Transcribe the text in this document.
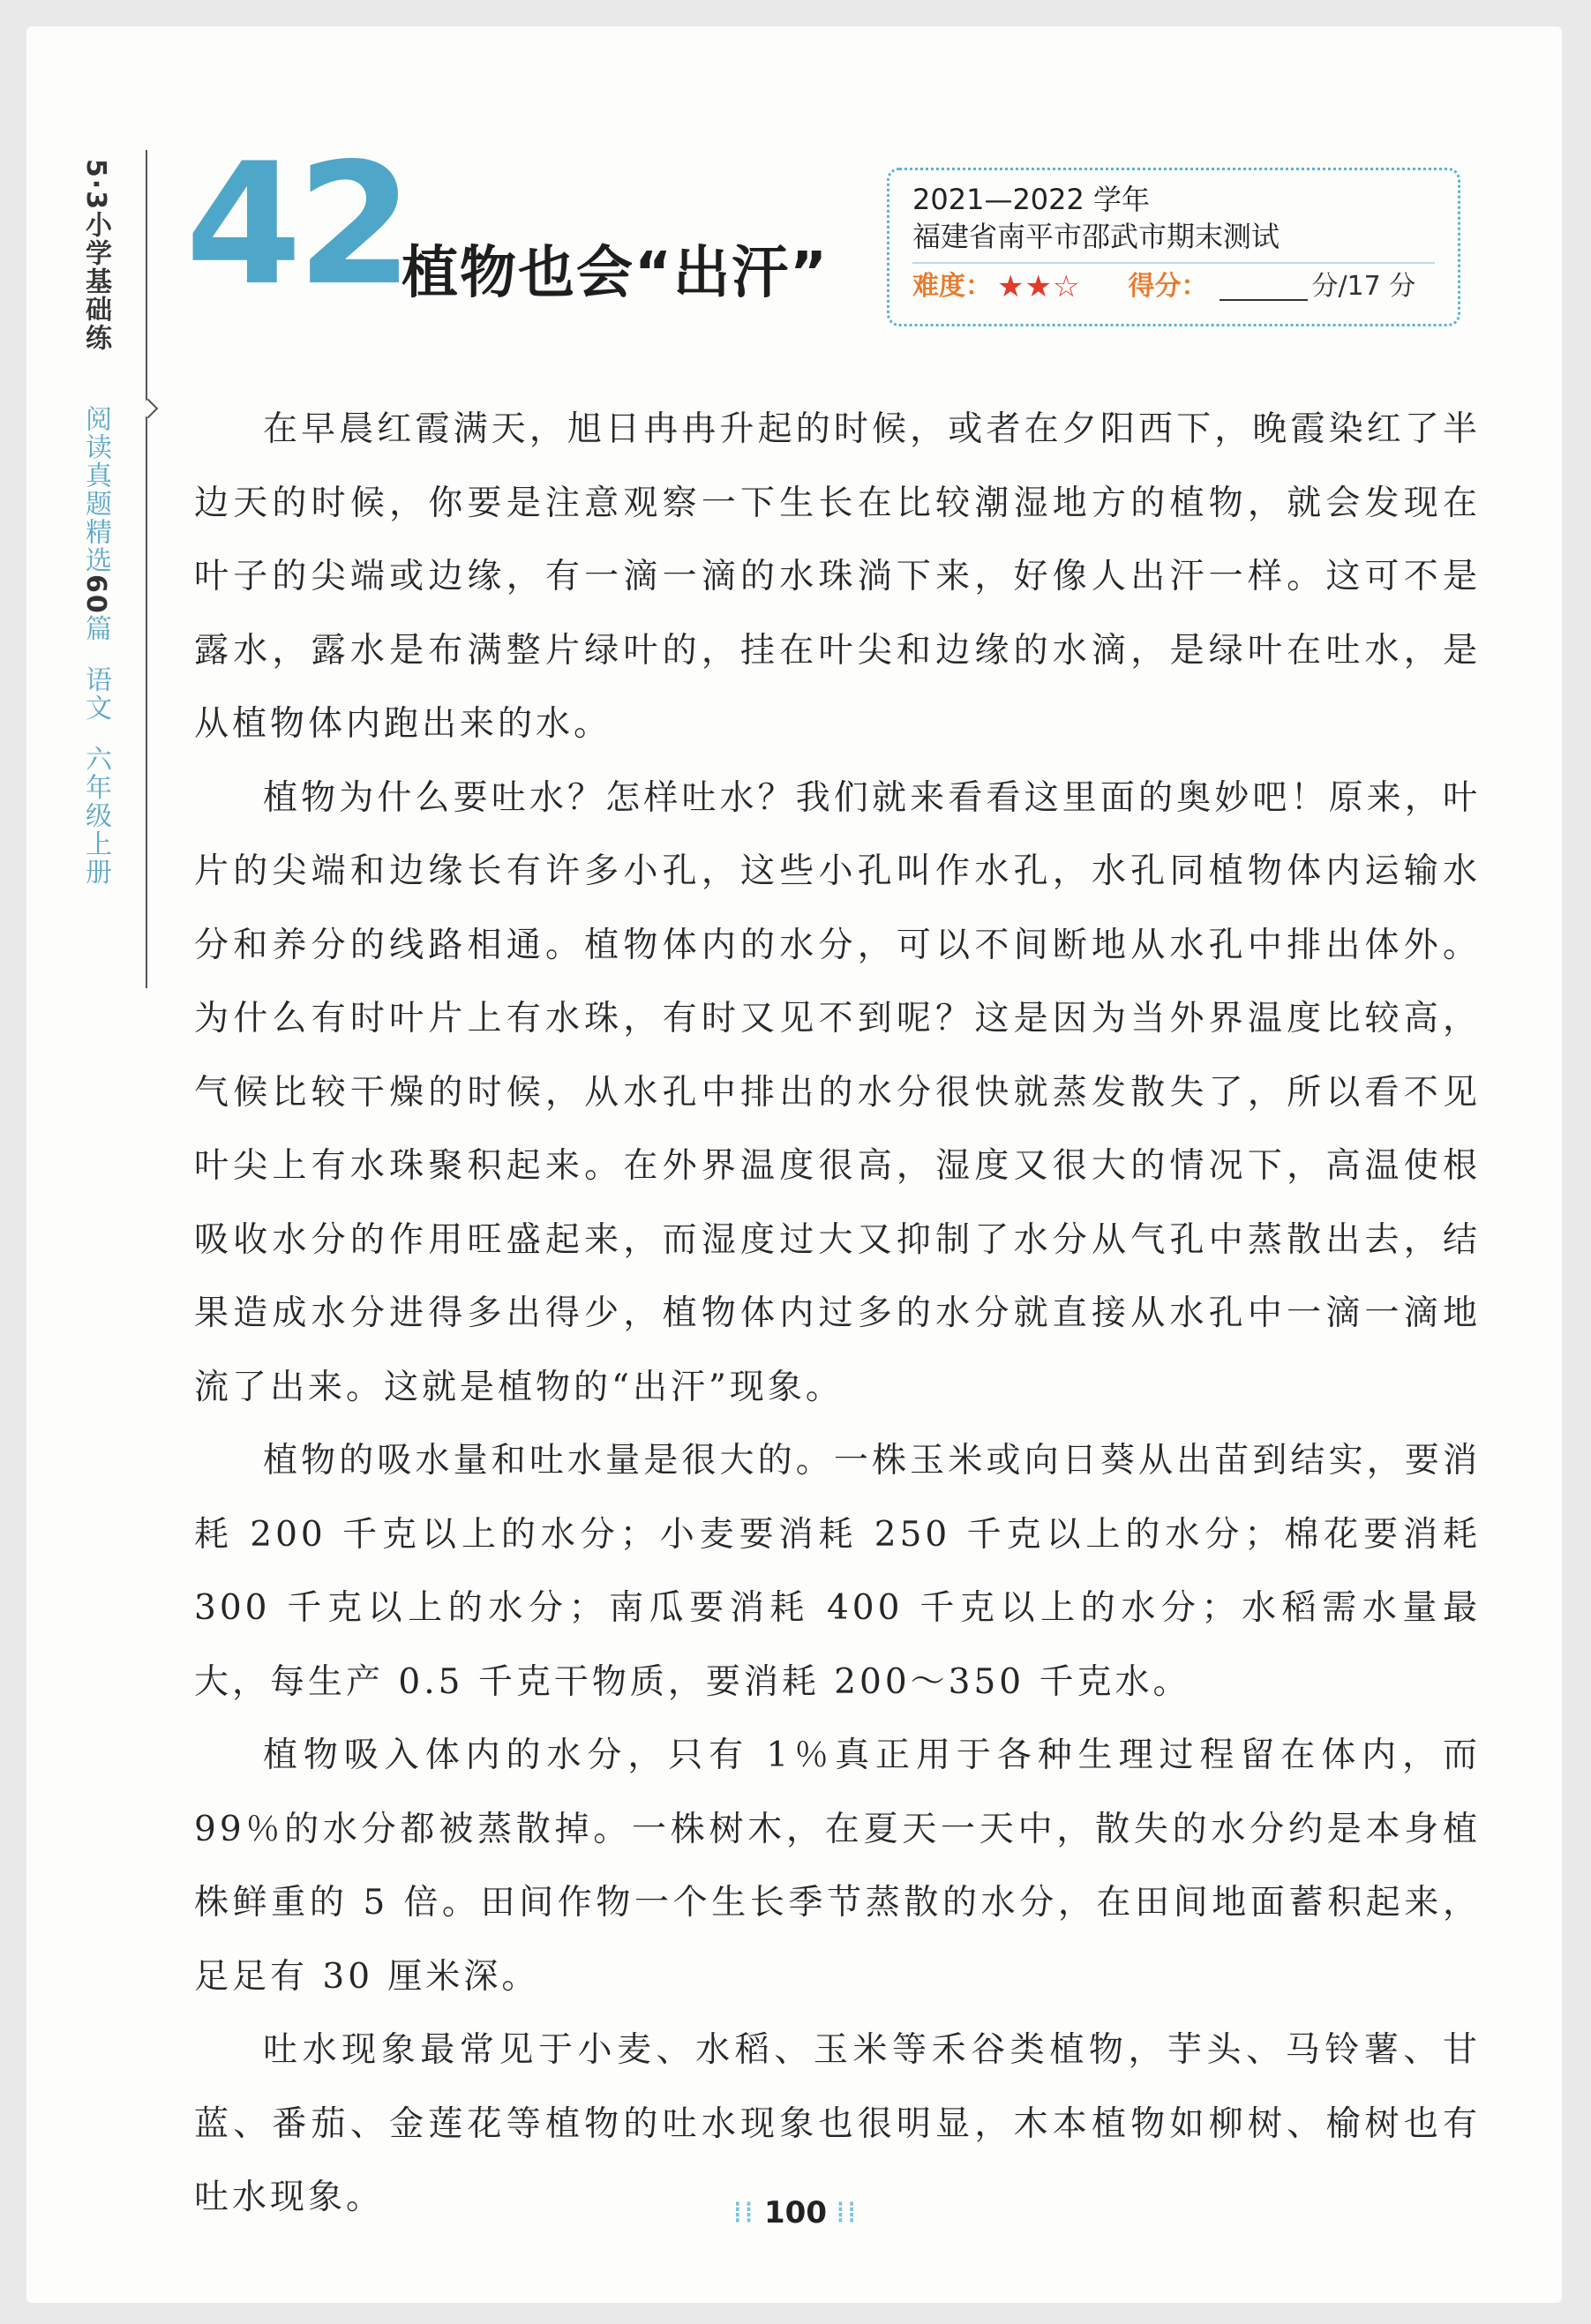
5·3小学基础练
阅读真题精选60篇语文六年级上册
42
植物也会“出汗”
2021—2022 学年
福建省南平市邵武市期末测试
难度： ★★☆ 得分：	分/17 分

在早晨红霞满天，旭日冉冉升起的时候，或者在夕阳西下，晚霞染红了半边天的时候，你要是注意观察一下生长在比较潮湿地方的植物，就会发现在叶子的尖端或边缘，有一滴一滴的水珠淌下来，好像人出汗一样。这可不是露水，露水是布满整片绿叶的，挂在叶尖和边缘的水滴，是绿叶在吐水，是从植物体内跑出来的水。

植物为什么要吐水？怎样吐水？我们就来看看这里面的奥妙吧！原来，叶片的尖端和边缘长有许多小孔，这些小孔叫作水孔，水孔同植物体内运输水分和养分的线路相通。植物体内的水分，可以不间断地从水孔中排出体外。为什么有时叶片上有水珠，有时又见不到呢？这是因为当外界温度比较高，气候比较干燥的时候，从水孔中排出的水分很快就蒸发散失了，所以看不见叶尖上有水珠聚积起来。在外界温度很高，湿度又很大的情况下，高温使根吸收水分的作用旺盛起来，而湿度过大又抑制了水分从气孔中蒸散出去，结果造成水分进得多出得少，植物体内过多的水分就直接从水孔中一滴一滴地流了出来。这就是植物的“出汗”现象。

植物的吸水量和吐水量是很大的。一株玉米或向日葵从出苗到结实，要消耗 200 千克以上的水分；小麦要消耗 250 千克以上的水分；棉花要消耗 300 千克以上的水分；南瓜要消耗 400 千克以上的水分；水稻需水量最大，每生产 0.5 千克干物质，要消耗 200～350 千克水。

植物吸入体内的水分，只有 1％真正用于各种生理过程留在体内，而 99％的水分都被蒸散掉。一株树木，在夏天一天中，散失的水分约是本身植株鲜重的 5 倍。田间作物一个生长季节蒸散的水分，在田间地面蓄积起来，足足有 30 厘米深。

吐水现象最常见于小麦、水稻、玉米等禾谷类植物，芋头、马铃薯、甘蓝、番茄、金莲花等植物的吐水现象也很明显，木本植物如柳树、榆树也有吐水现象。	⁞⁞ 100 ⁞⁞
